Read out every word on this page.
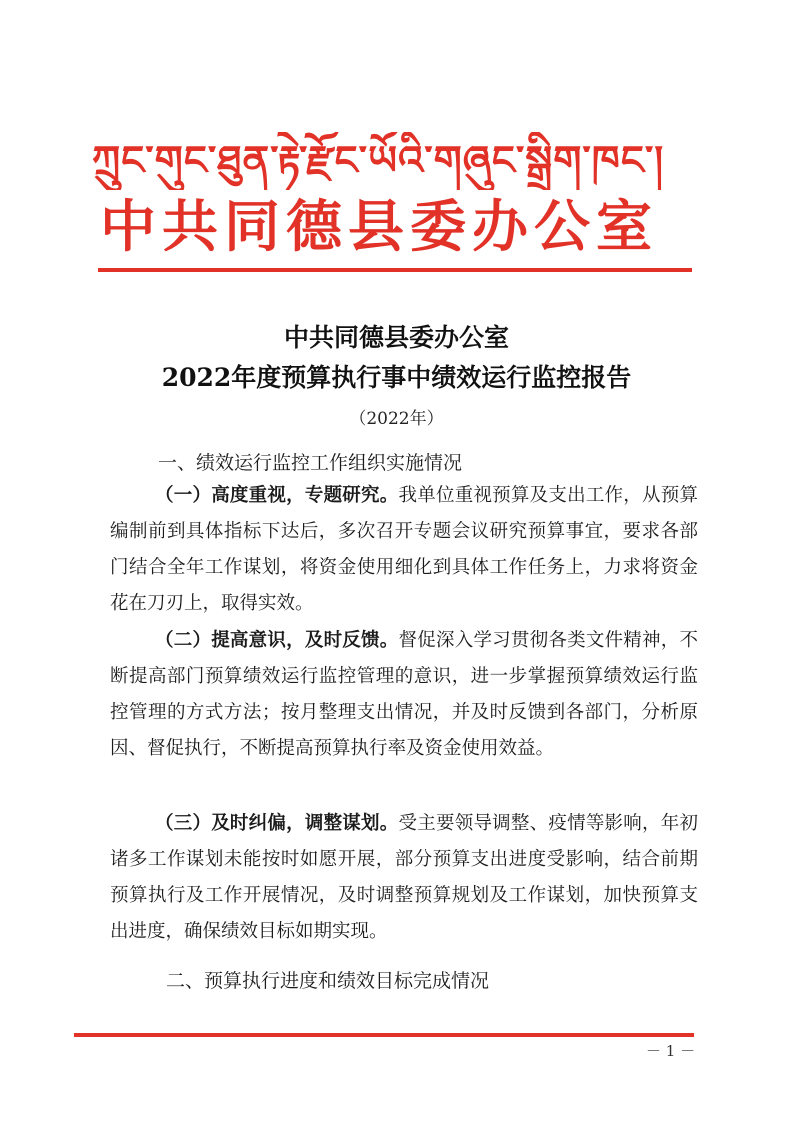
ཀྲུང་གུང་ཐུན་རྟེ་རྫོང་ཡོའི་གཞུང་སྒྲིག་ཁང་།
中共同德县委办公室
中共同德县委办公室
2022年度预算执行事中绩效运行监控报告
（2022年）
一、绩效运行监控工作组织实施情况
（一）高度重视，专题研究。我单位重视预算及支出工作，从预算编制前到具体指标下达后，多次召开专题会议研究预算事宜，要求各部门结合全年工作谋划，将资金使用细化到具体工作任务上，力求将资金花在刀刃上，取得实效。
（二）提高意识，及时反馈。督促深入学习贯彻各类文件精神，不断提高部门预算绩效运行监控管理的意识，进一步掌握预算绩效运行监控管理的方式方法；按月整理支出情况，并及时反馈到各部门，分析原因、督促执行，不断提高预算执行率及资金使用效益。
（三）及时纠偏，调整谋划。受主要领导调整、疫情等影响，年初诸多工作谋划未能按时如愿开展，部分预算支出进度受影响，结合前期预算执行及工作开展情况，及时调整预算规划及工作谋划，加快预算支出进度，确保绩效目标如期实现。
二、预算执行进度和绩效目标完成情况
－ 1 －
